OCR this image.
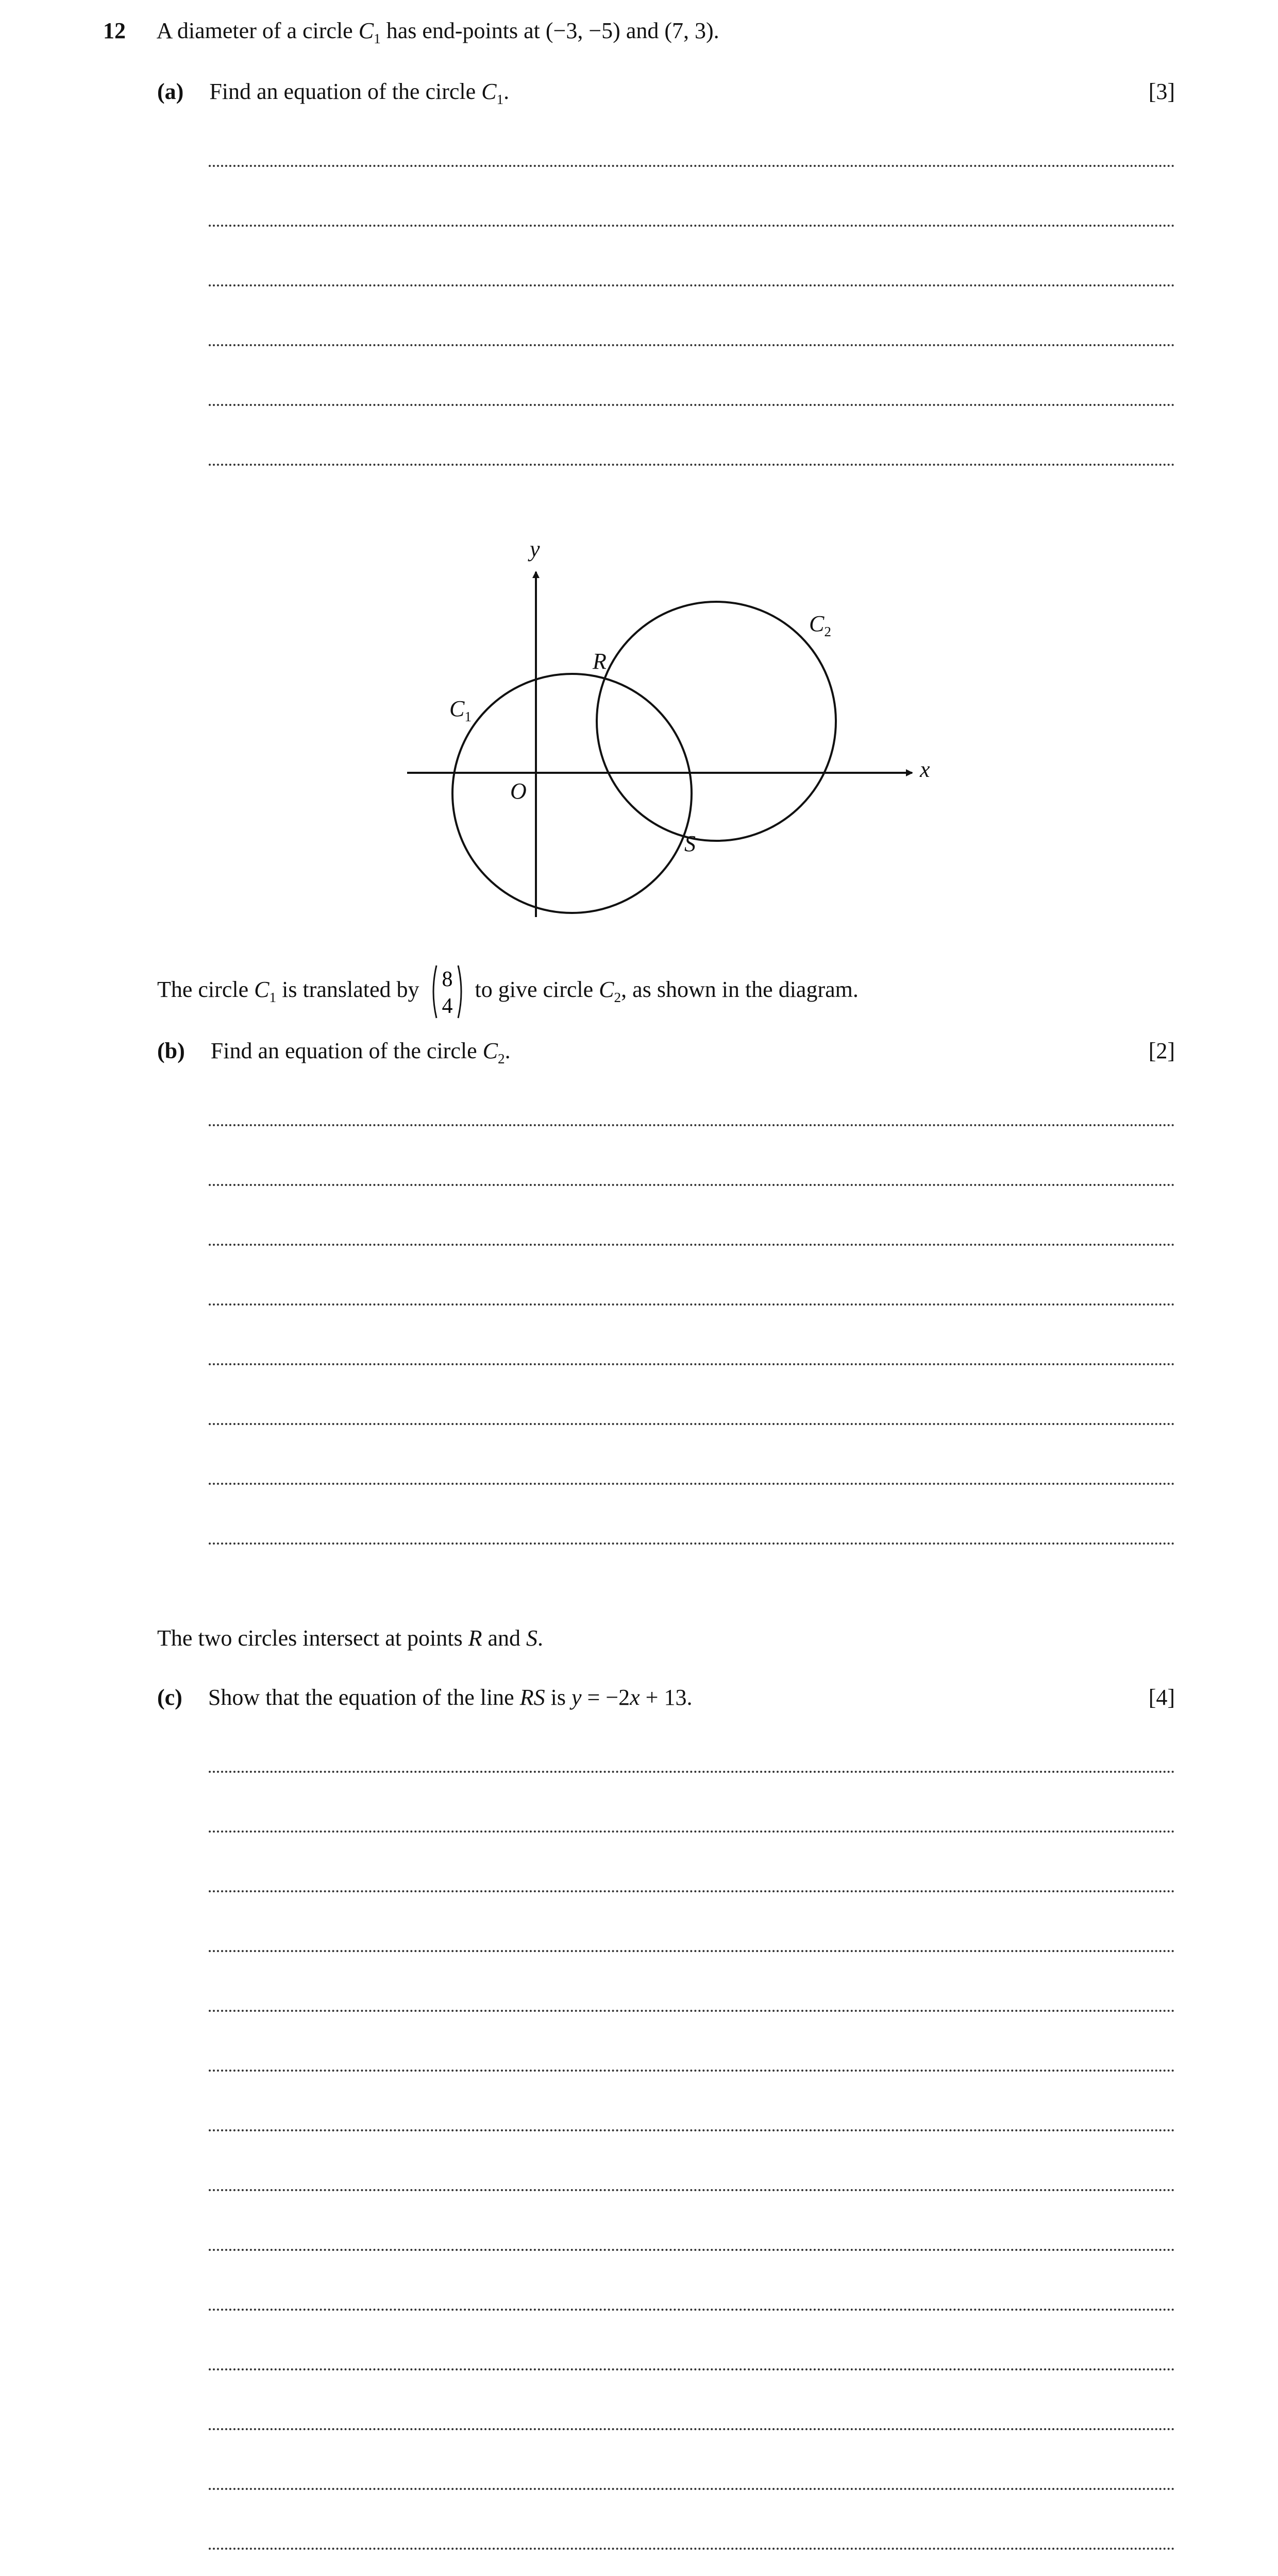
12 A diameter of a circle $C_1$ has end-points at (−3, −5) and (7, 3).
(a) Find an equation of the circle $C_1$.	[3]
y
x
O
$C_1$
$C_2$
R
S
The circle $C_1$ is translated by 8
4
to give circle $C_2$, as shown in the diagram.
(b) Find an equation of the circle $C_2$.	[2]
The two circles intersect at points R and S.
(c) Show that the equation of the line RS is y = −2x + 13.	[4]
